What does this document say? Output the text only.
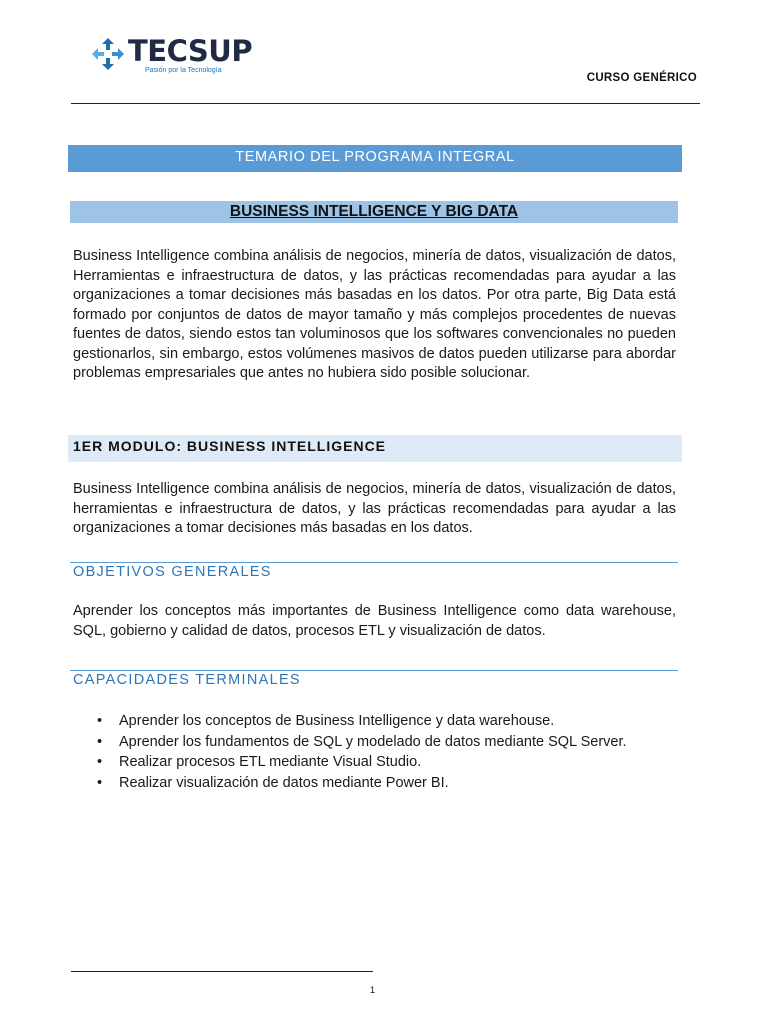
TECSUP
Pasión por la Tecnología
CURSO GENÉRICO
TEMARIO DEL PROGRAMA INTEGRAL
BUSINESS INTELLIGENCE Y BIG DATA

Business Intelligence combina análisis de negocios, minería de datos, visualización de datos, Herramientas e infraestructura de datos, y las prácticas recomendadas para ayudar a las organizaciones a tomar decisiones más basadas en los datos. Por otra parte, Big Data está formado por conjuntos de datos de mayor tamaño y más complejos procedentes de nuevas fuentes de datos, siendo estos tan voluminosos que los softwares convencionales no pueden gestionarlos, sin embargo, estos volúmenes masivos de datos pueden utilizarse para abordar problemas empresariales que antes no hubiera sido posible solucionar.

1ER MODULO: BUSINESS INTELLIGENCE

Business Intelligence combina análisis de negocios, minería de datos, visualización de datos, herramientas e infraestructura de datos, y las prácticas recomendadas para ayudar a las organizaciones a tomar decisiones más basadas en los datos.

OBJETIVOS GENERALES

Aprender los conceptos más importantes de Business Intelligence como data warehouse, SQL, gobierno y calidad de datos, procesos ETL y visualización de datos.

CAPACIDADES TERMINALES
• Aprender los conceptos de Business Intelligence y data warehouse.
• Aprender los fundamentos de SQL y modelado de datos mediante SQL Server.
• Realizar procesos ETL mediante Visual Studio.
• Realizar visualización de datos mediante Power BI.
1
